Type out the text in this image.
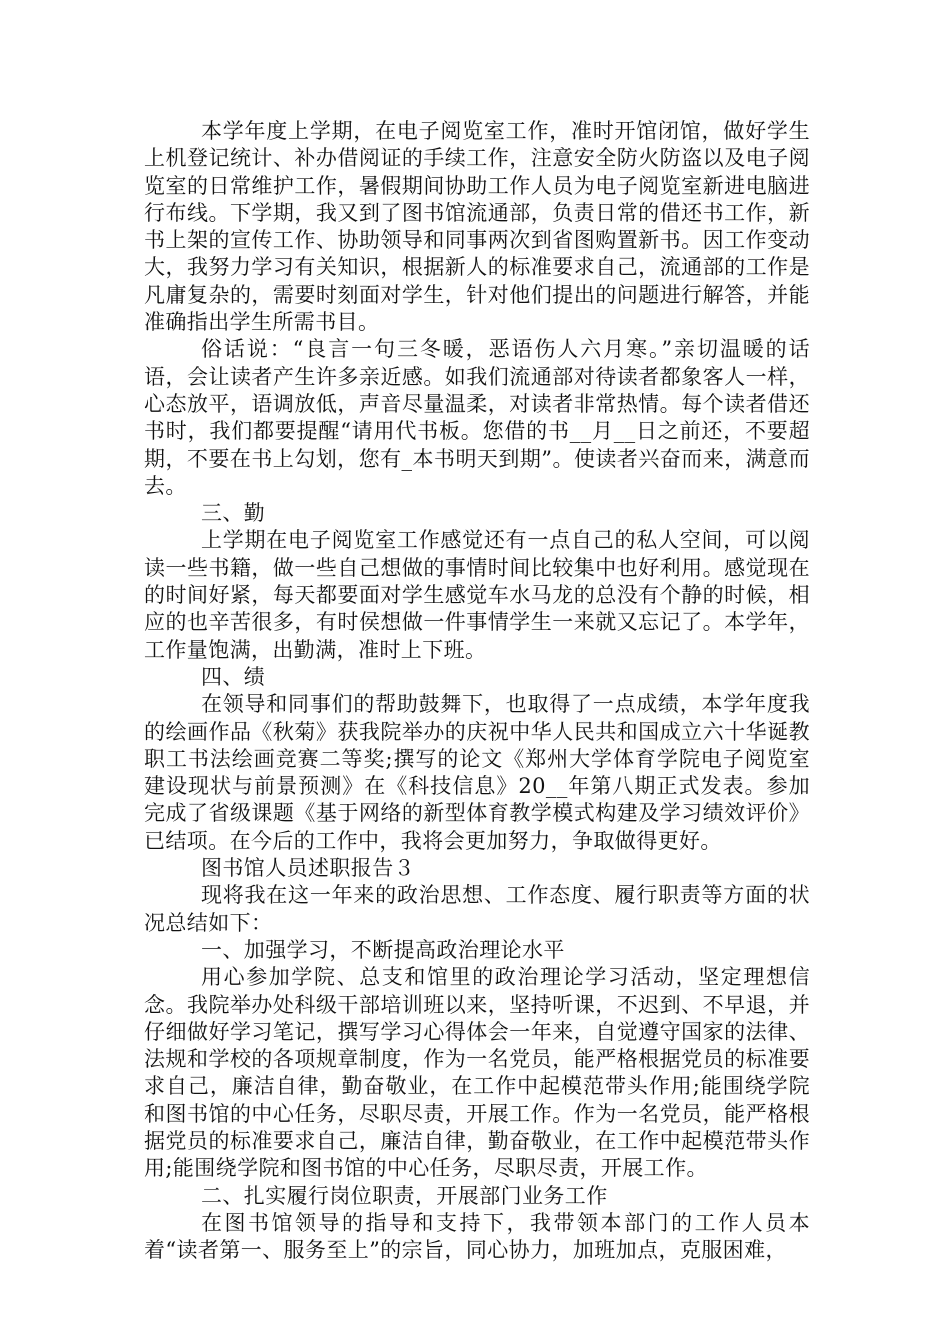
本学年度上学期，在电子阅览室工作，准时开馆闭馆，做好学生上机登记统计、补办借阅证的手续工作，注意安全防火防盗以及电子阅览室的日常维护工作，暑假期间协助工作人员为电子阅览室新进电脑进行布线。下学期，我又到了图书馆流通部，负责日常的借还书工作，新书上架的宣传工作、协助领导和同事两次到省图购置新书。因工作变动大，我努力学习有关知识，根据新人的标准要求自己，流通部的工作是凡庸复杂的，需要时刻面对学生，针对他们提出的问题进行解答，并能准确指出学生所需书目。

俗话说：“良言一句三冬暖，恶语伤人六月寒。”亲切温暖的话语，会让读者产生许多亲近感。如我们流通部对待读者都象客人一样，心态放平，语调放低，声音尽量温柔，对读者非常热情。每个读者借还书时，我们都要提醒“请用代书板。您借的书__月__日之前还，不要超期，不要在书上勾划，您有_本书明天到期”。使读者兴奋而来，满意而去。

三、勤

上学期在电子阅览室工作感觉还有一点自己的私人空间，可以阅读一些书籍，做一些自己想做的事情时间比较集中也好利用。感觉现在的时间好紧，每天都要面对学生感觉车水马龙的总没有个静的时候，相应的也辛苦很多，有时侯想做一件事情学生一来就又忘记了。本学年，工作量饱满，出勤满，准时上下班。

四、绩

在领导和同事们的帮助鼓舞下，也取得了一点成绩，本学年度我的绘画作品《秋菊》获我院举办的庆祝中华人民共和国成立六十华诞教职工书法绘画竞赛二等奖;撰写的论文《郑州大学体育学院电子阅览室建设现状与前景预测》在《科技信息》20__年第八期正式发表。参加完成了省级课题《基于网络的新型体育教学模式构建及学习绩效评价》已结项。在今后的工作中，我将会更加努力，争取做得更好。

图书馆人员述职报告３

现将我在这一年来的政治思想、工作态度、履行职责等方面的状况总结如下：

一、加强学习，不断提高政治理论水平

用心参加学院、总支和馆里的政治理论学习活动，坚定理想信念。我院举办处科级干部培训班以来，坚持听课，不迟到、不早退，并仔细做好学习笔记，撰写学习心得体会一年来，自觉遵守国家的法律、法规和学校的各项规章制度，作为一名党员，能严格根据党员的标准要求自己，廉洁自律，勤奋敬业，在工作中起模范带头作用;能围绕学院和图书馆的中心任务，尽职尽责，开展工作。作为一名党员，能严格根据党员的标准要求自己，廉洁自律，勤奋敬业，在工作中起模范带头作用;能围绕学院和图书馆的中心任务，尽职尽责，开展工作。

二、扎实履行岗位职责，开展部门业务工作

在图书馆领导的指导和支持下，我带领本部门的工作人员本着“读者第一、服务至上”的宗旨，同心协力，加班加点，克服困难，
